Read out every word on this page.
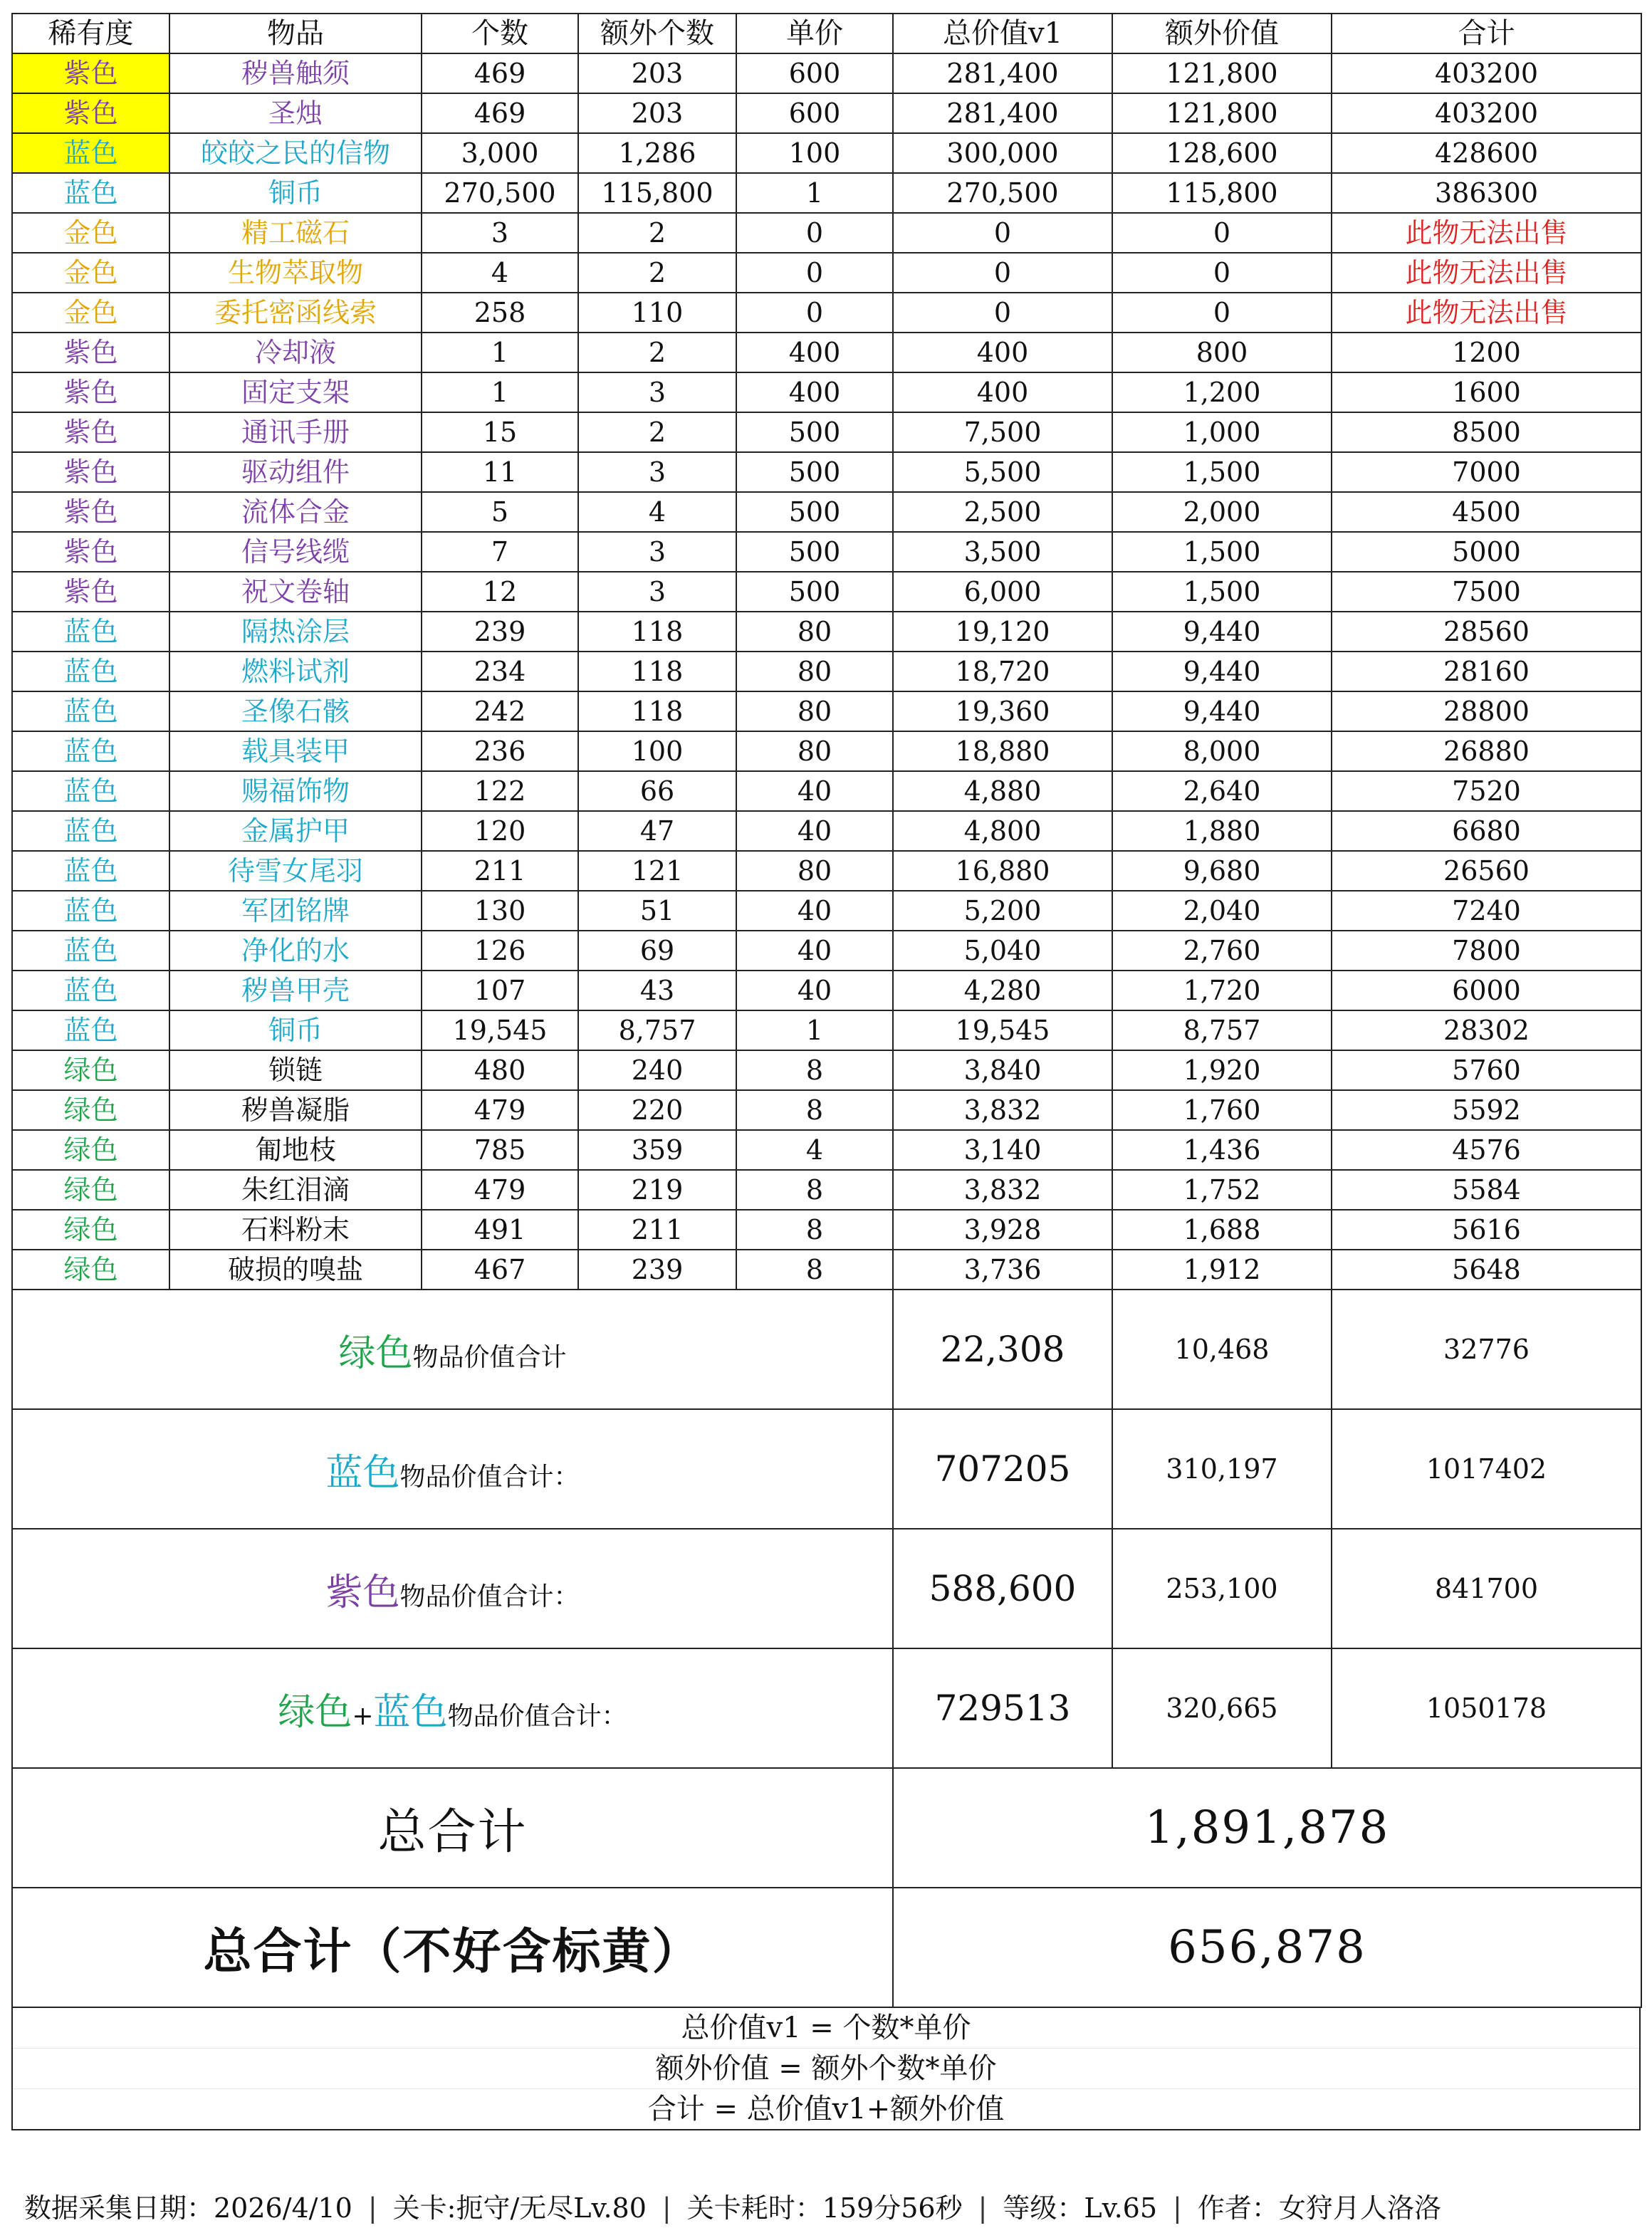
稀有度	物品	个数	额外个数	单价	总价值v1	额外价值	合计
紫色	秽兽触须	469	203	600	281,400	121,800	403200
紫色	圣烛	469	203	600	281,400	121,800	403200
蓝色	皎皎之民的信物	3,000	1,286	100	300,000	128,600	428600
蓝色	铜币	270,500	115,800	1	270,500	115,800	386300
金色	精工磁石	3	2	0	0	0	此物无法出售
金色	生物萃取物	4	2	0	0	0	此物无法出售
金色	委托密函线索	258	110	0	0	0	此物无法出售
紫色	冷却液	1	2	400	400	800	1200
紫色	固定支架	1	3	400	400	1,200	1600
紫色	通讯手册	15	2	500	7,500	1,000	8500
紫色	驱动组件	11	3	500	5,500	1,500	7000
紫色	流体合金	5	4	500	2,500	2,000	4500
紫色	信号线缆	7	3	500	3,500	1,500	5000
紫色	祝文卷轴	12	3	500	6,000	1,500	7500
蓝色	隔热涂层	239	118	80	19,120	9,440	28560
蓝色	燃料试剂	234	118	80	18,720	9,440	28160
蓝色	圣像石骸	242	118	80	19,360	9,440	28800
蓝色	载具装甲	236	100	80	18,880	8,000	26880
蓝色	赐福饰物	122	66	40	4,880	2,640	7520
蓝色	金属护甲	120	47	40	4,800	1,880	6680
蓝色	待雪女尾羽	211	121	80	16,880	9,680	26560
蓝色	军团铭牌	130	51	40	5,200	2,040	7240
蓝色	净化的水	126	69	40	5,040	2,760	7800
蓝色	秽兽甲壳	107	43	40	4,280	1,720	6000
蓝色	铜币	19,545	8,757	1	19,545	8,757	28302
绿色	锁链	480	240	8	3,840	1,920	5760
绿色	秽兽凝脂	479	220	8	3,832	1,760	5592
绿色	匍地枝	785	359	4	3,140	1,436	4576
绿色	朱红泪滴	479	219	8	3,832	1,752	5584
绿色	石料粉末	491	211	8	3,928	1,688	5616
绿色	破损的嗅盐	467	239	8	3,736	1,912	5648
绿色物品价值合计					22,308	10,468	32776
蓝色物品价值合计：					707205	310,197	1017402
紫色物品价值合计：					588,600	253,100	841700
绿色+蓝色物品价值合计：					729513	320,665	1050178
总合计					1,891,878		
总合计（不好含标黄）					656,878		
总价值v1 = 个数*单价
额外价值 = 额外个数*单价
合计 = 总价值v1+额外价值
数据采集日期：2026/4/10 | 关卡:扼守/无尽Lv.80 | 关卡耗时：159分56秒 | 等级：Lv.65 | 作者：女狩月人洛洛
